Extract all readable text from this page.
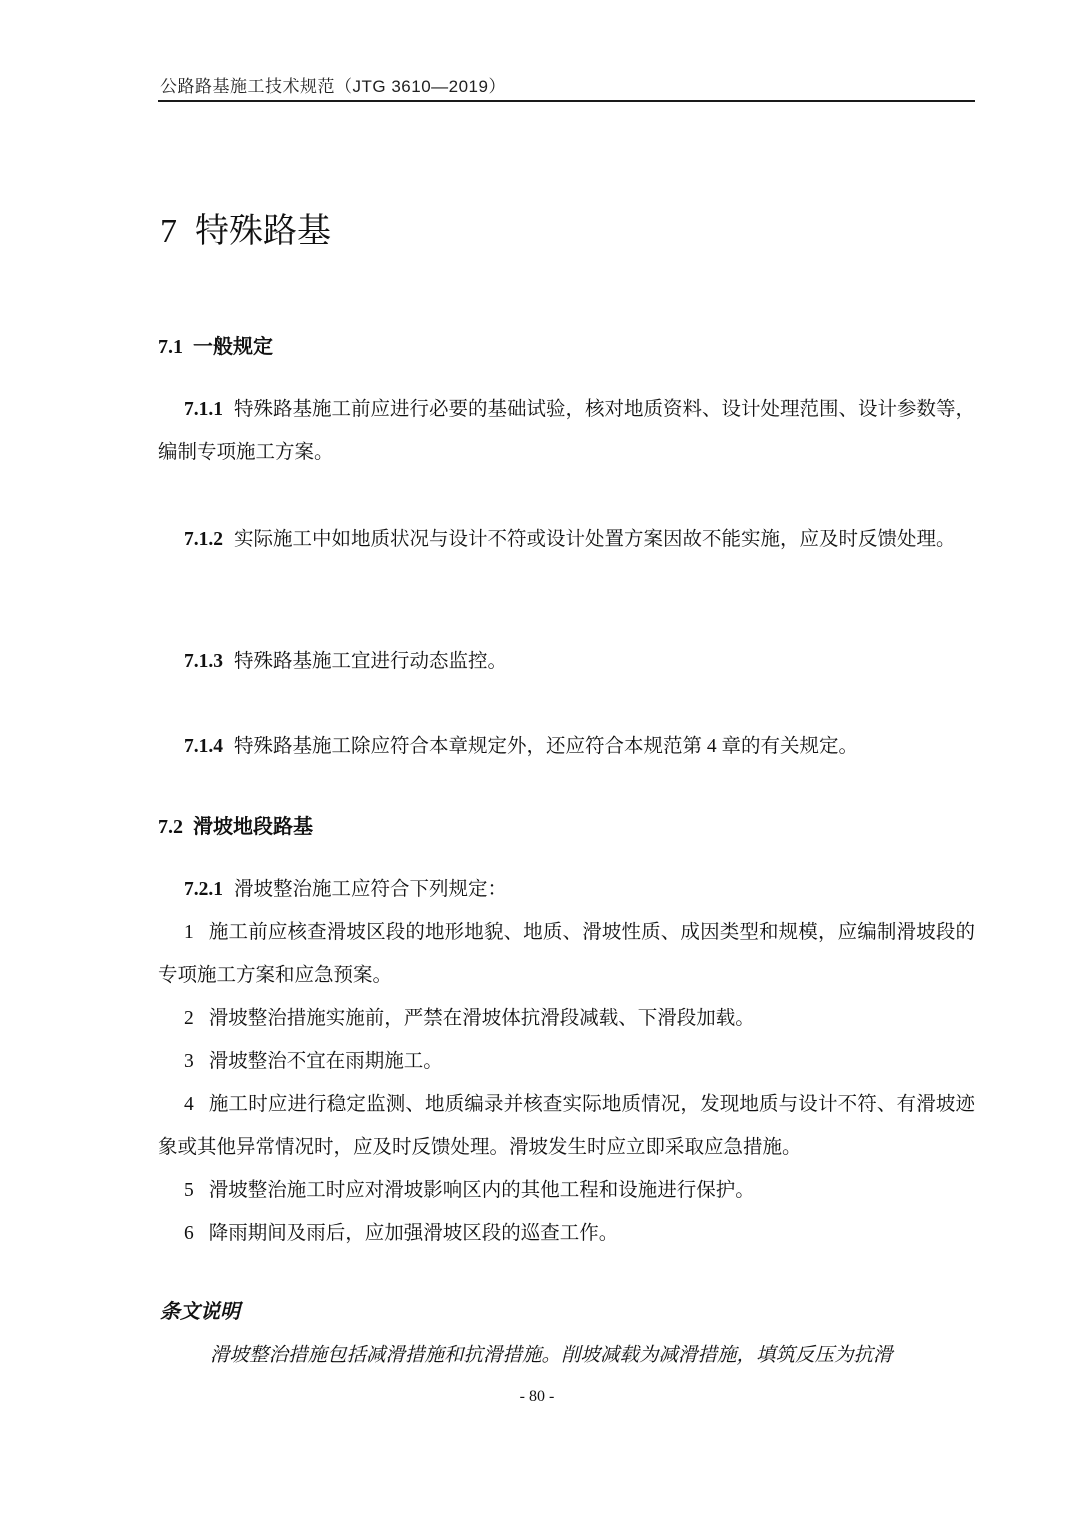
公路路基施工技术规范（JTG 3610—2019）
7 特殊路基
7.1 一般规定

7.1.1 特殊路基施工前应进行必要的基础试验，核对地质资料、设计处理范围、设计参数等，编制专项施工方案。

7.1.2 实际施工中如地质状况与设计不符或设计处置方案因故不能实施，应及时反馈处理。

7.1.3 特殊路基施工宜进行动态监控。

7.1.4 特殊路基施工除应符合本章规定外，还应符合本规范第 4 章的有关规定。

7.2 滑坡地段路基

7.2.1 滑坡整治施工应符合下列规定：

1 施工前应核查滑坡区段的地形地貌、地质、滑坡性质、成因类型和规模，应编制滑坡段的专项施工方案和应急预案。

2 滑坡整治措施实施前，严禁在滑坡体抗滑段减载、下滑段加载。

3 滑坡整治不宜在雨期施工。

4 施工时应进行稳定监测、地质编录并核查实际地质情况，发现地质与设计不符、有滑坡迹象或其他异常情况时，应及时反馈处理。滑坡发生时应立即采取应急措施。

5 滑坡整治施工时应对滑坡影响区内的其他工程和设施进行保护。

6 降雨期间及雨后，应加强滑坡区段的巡查工作。

条文说明

滑坡整治措施包括减滑措施和抗滑措施。削坡减载为减滑措施，填筑反压为抗滑

- 80 -
